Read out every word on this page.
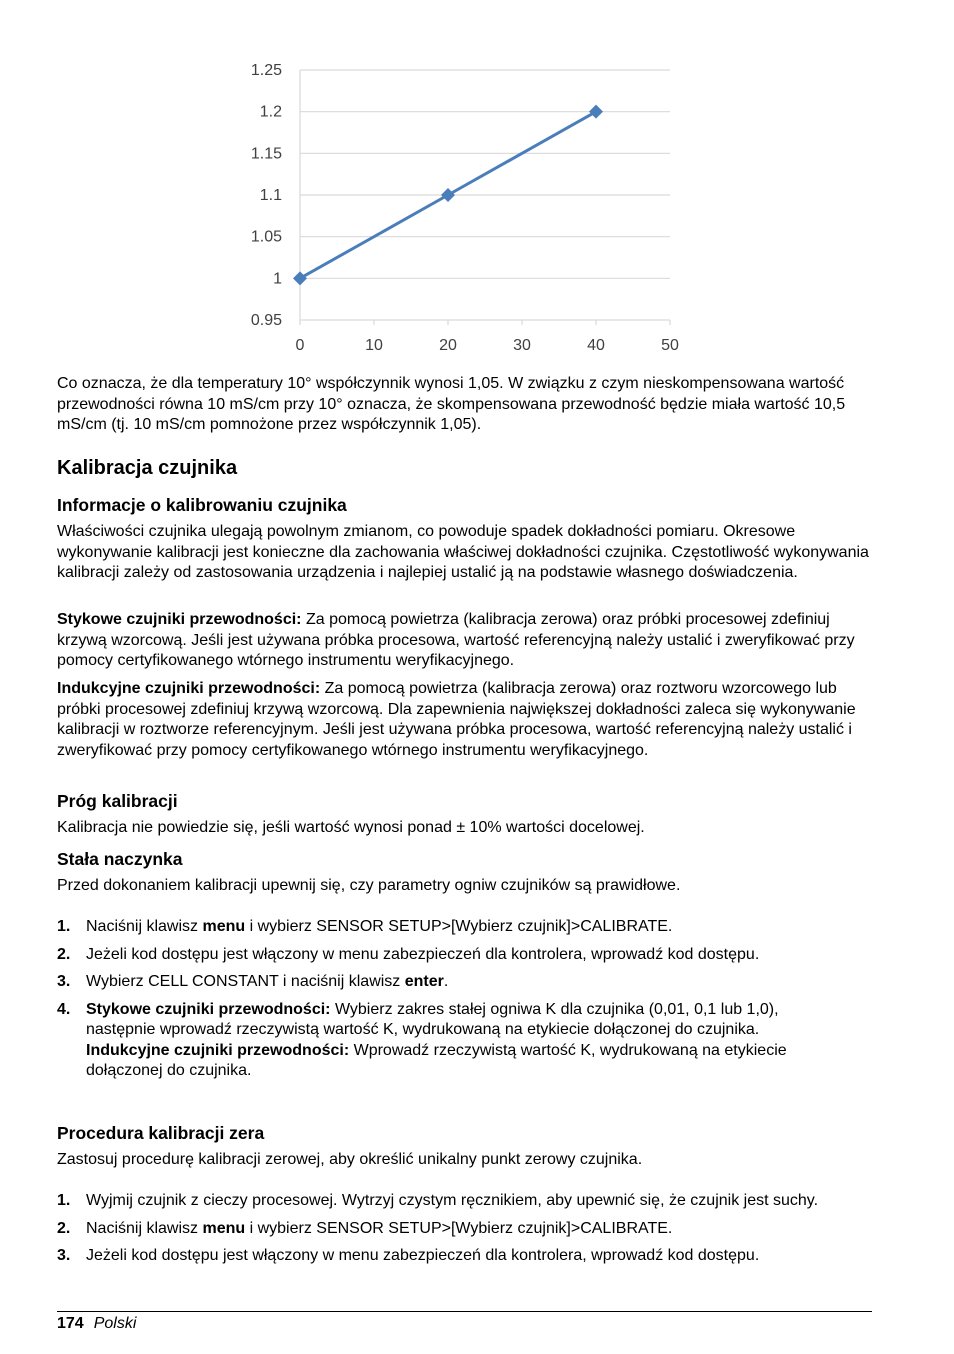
0.95
1
1.05
1.1
1.15
1.2
1.25
0	10	20	30	40	50

Co oznacza, że dla temperatury 10° współczynnik wynosi 1,05. W związku z czym nieskompensowana wartość przewodności równa 10 mS/cm przy 10° oznacza, że skompensowana przewodność będzie miała wartość 10,5 mS/cm (tj. 10 mS/cm pomnożone przez współczynnik 1,05).

Kalibracja czujnika
Informacje o kalibrowaniu czujnika

Właściwości czujnika ulegają powolnym zmianom, co powoduje spadek dokładności pomiaru. Okresowe wykonywanie kalibracji jest konieczne dla zachowania właściwej dokładności czujnika. Częstotliwość wykonywania kalibracji zależy od zastosowania urządzenia i najlepiej ustalić ją na podstawie własnego doświadczenia.

Stykowe czujniki przewodności: Za pomocą powietrza (kalibracja zerowa) oraz próbki procesowej zdefiniuj krzywą wzorcową. Jeśli jest używana próbka procesowa, wartość referencyjną należy ustalić i zweryfikować przy pomocy certyfikowanego wtórnego instrumentu weryfikacyjnego.

Indukcyjne czujniki przewodności: Za pomocą powietrza (kalibracja zerowa) oraz roztworu wzorcowego lub próbki procesowej zdefiniuj krzywą wzorcową. Dla zapewnienia największej dokładności zaleca się wykonywanie kalibracji w roztworze referencyjnym. Jeśli jest używana próbka procesowa, wartość referencyjną należy ustalić i zweryfikować przy pomocy certyfikowanego wtórnego instrumentu weryfikacyjnego.

Próg kalibracji

Kalibracja nie powiedzie się, jeśli wartość wynosi ponad ± 10% wartości docelowej.

Stała naczynka

Przed dokonaniem kalibracji upewnij się, czy parametry ogniw czujników są prawidłowe.

1. Naciśnij klawisz menu i wybierz SENSOR SETUP>[Wybierz czujnik]>CALIBRATE.
2. Jeżeli kod dostępu jest włączony w menu zabezpieczeń dla kontrolera, wprowadź kod dostępu.
3. Wybierz CELL CONSTANT i naciśnij klawisz enter.
4. Stykowe czujniki przewodności: Wybierz zakres stałej ogniwa K dla czujnika (0,01, 0,1 lub 1,0), następnie wprowadź rzeczywistą wartość K, wydrukowaną na etykiecie dołączonej do czujnika.
Indukcyjne czujniki przewodności: Wprowadź rzeczywistą wartość K, wydrukowaną na etykiecie dołączonej do czujnika.
Procedura kalibracji zera

Zastosuj procedurę kalibracji zerowej, aby określić unikalny punkt zerowy czujnika.

1. Wyjmij czujnik z cieczy procesowej. Wytrzyj czystym ręcznikiem, aby upewnić się, że czujnik jest suchy.
2. Naciśnij klawisz menu i wybierz SENSOR SETUP>[Wybierz czujnik]>CALIBRATE.
3. Jeżeli kod dostępu jest włączony w menu zabezpieczeń dla kontrolera, wprowadź kod dostępu.
174 Polski
